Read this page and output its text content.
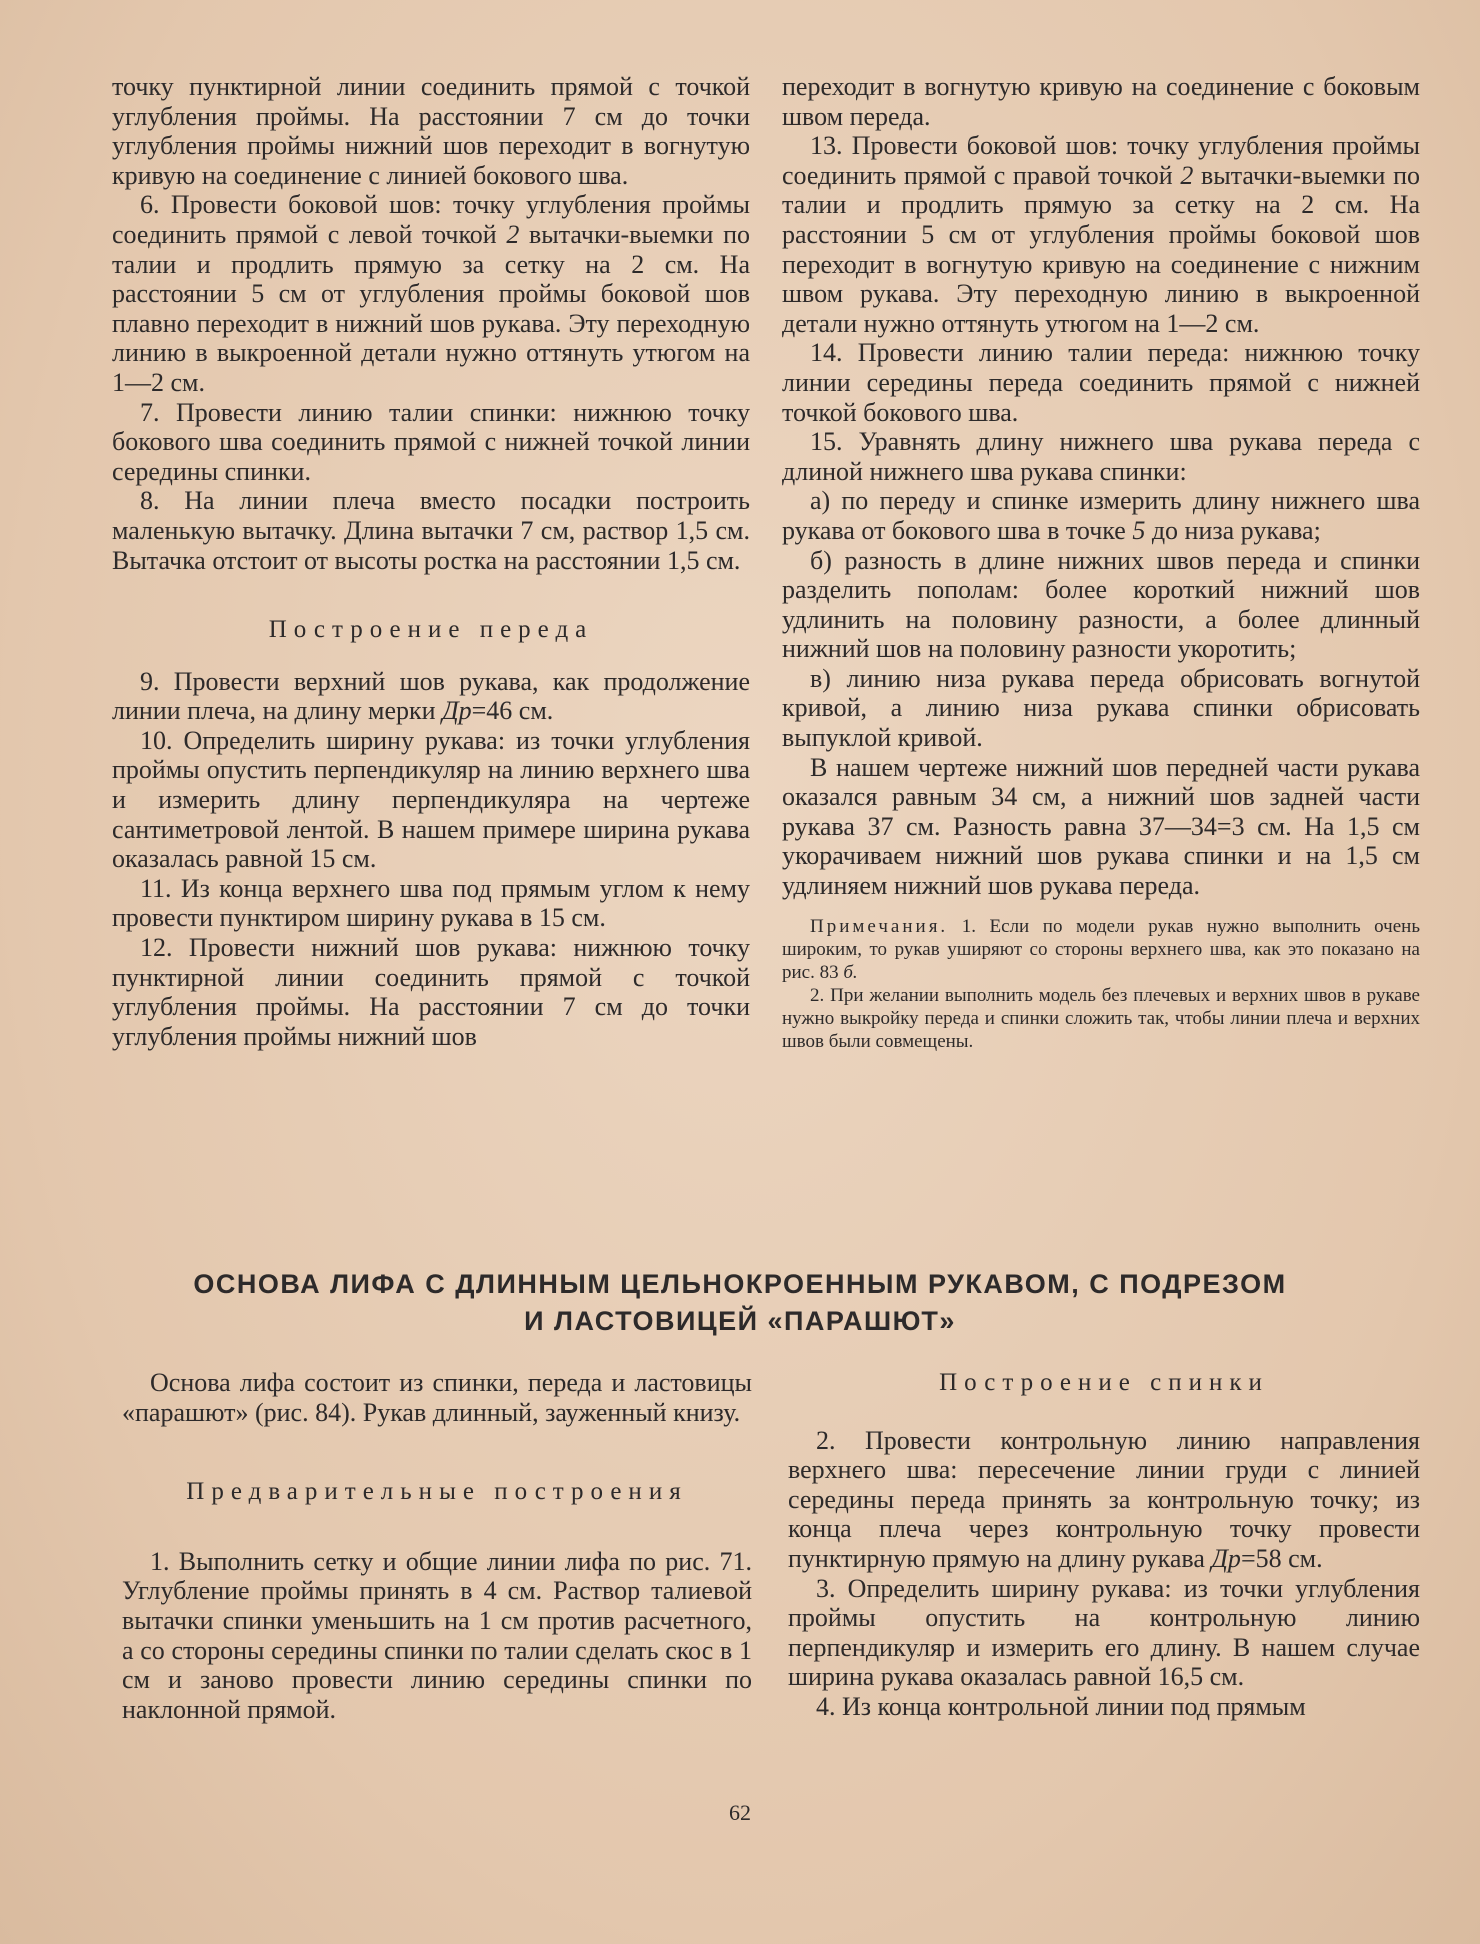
точку пунктирной линии соединить прямой с точкой углубления проймы. На расстоянии 7 см до точки углубления проймы нижний шов переходит в вогнутую кривую на соединение с линией бокового шва.

6. Провести боковой шов: точку углубления проймы соединить прямой с левой точкой 2 вытачки-выемки по талии и продлить прямую за сетку на 2 см. На расстоянии 5 см от углубления проймы боковой шов плавно переходит в нижний шов рукава. Эту переходную линию в выкроенной детали нужно оттянуть утюгом на 1—2 см.

7. Провести линию талии спинки: нижнюю точку бокового шва соединить прямой с нижней точкой линии середины спинки.

8. На линии плеча вместо посадки построить маленькую вытачку. Длина вытачки 7 см, раствор 1,5 см. Вытачка отстоит от высоты ростка на расстоянии 1,5 см.

Построение переда

9. Провести верхний шов рукава, как продолжение линии плеча, на длину мерки Др=46 см.

10. Определить ширину рукава: из точки углубления проймы опустить перпендикуляр на линию верхнего шва и измерить длину перпендикуляра на чертеже сантиметровой лентой. В нашем примере ширина рукава оказалась равной 15 см.

11. Из конца верхнего шва под прямым углом к нему провести пунктиром ширину рукава в 15 см.

12. Провести нижний шов рукава: нижнюю точку пунктирной линии соединить прямой с точкой углубления проймы. На расстоянии 7 см до точки углубления проймы нижний шов

переходит в вогнутую кривую на соединение с боковым швом переда.

13. Провести боковой шов: точку углубления проймы соединить прямой с правой точкой 2 вытачки-выемки по талии и продлить прямую за сетку на 2 см. На расстоянии 5 см от углубления проймы боковой шов переходит в вогнутую кривую на соединение с нижним швом рукава. Эту переходную линию в выкроенной детали нужно оттянуть утюгом на 1—2 см.

14. Провести линию талии переда: нижнюю точку линии середины переда соединить прямой с нижней точкой бокового шва.

15. Уравнять длину нижнего шва рукава переда с длиной нижнего шва рукава спинки:

а) по переду и спинке измерить длину нижнего шва рукава от бокового шва в точке 5 до низа рукава;
б) разность в длине нижних швов переда и спинки разделить пополам: более короткий нижний шов удлинить на половину разности, а более длинный нижний шов на половину разности укоротить;
в) линию низа рукава переда обрисовать вогнутой кривой, а линию низа рукава спинки обрисовать выпуклой кривой.

В нашем чертеже нижний шов передней части рукава оказался равным 34 см, а нижний шов задней части рукава 37 см. Разность равна 37—34=3 см. На 1,5 см укорачиваем нижний шов рукава спинки и на 1,5 см удлиняем нижний шов рукава переда.

Примечания. 1. Если по модели рукав нужно выполнить очень широким, то рукав уширяют со стороны верхнего шва, как это показано на рис. 83 б.

2. При желании выполнить модель без плечевых и верхних швов в рукаве нужно выкройку переда и спинки сложить так, чтобы линии плеча и верхних швов были совмещены.

ОСНОВА ЛИФА С ДЛИННЫМ ЦЕЛЬНОКРОЕННЫМ РУКАВОМ, С ПОДРЕЗОМ
И ЛАСТОВИЦЕЙ «ПАРАШЮТ»

Основа лифа состоит из спинки, переда и ластовицы «парашют» (рис. 84). Рукав длинный, зауженный книзу.

Предварительные построения

1. Выполнить сетку и общие линии лифа по рис. 71. Углубление проймы принять в 4 см. Раствор талиевой вытачки спинки уменьшить на 1 см против расчетного, а со стороны середины спинки по талии сделать скос в 1 см и заново провести линию середины спинки по наклонной прямой.

Построение спинки

2. Провести контрольную линию направления верхнего шва: пересечение линии груди с линией середины переда принять за контрольную точку; из конца плеча через контрольную точку провести пунктирную прямую на длину рукава Др=58 см.

3. Определить ширину рукава: из точки углубления проймы опустить на контрольную линию перпендикуляр и измерить его длину. В нашем случае ширина рукава оказалась равной 16,5 см.

4. Из конца контрольной линии под прямым

62
